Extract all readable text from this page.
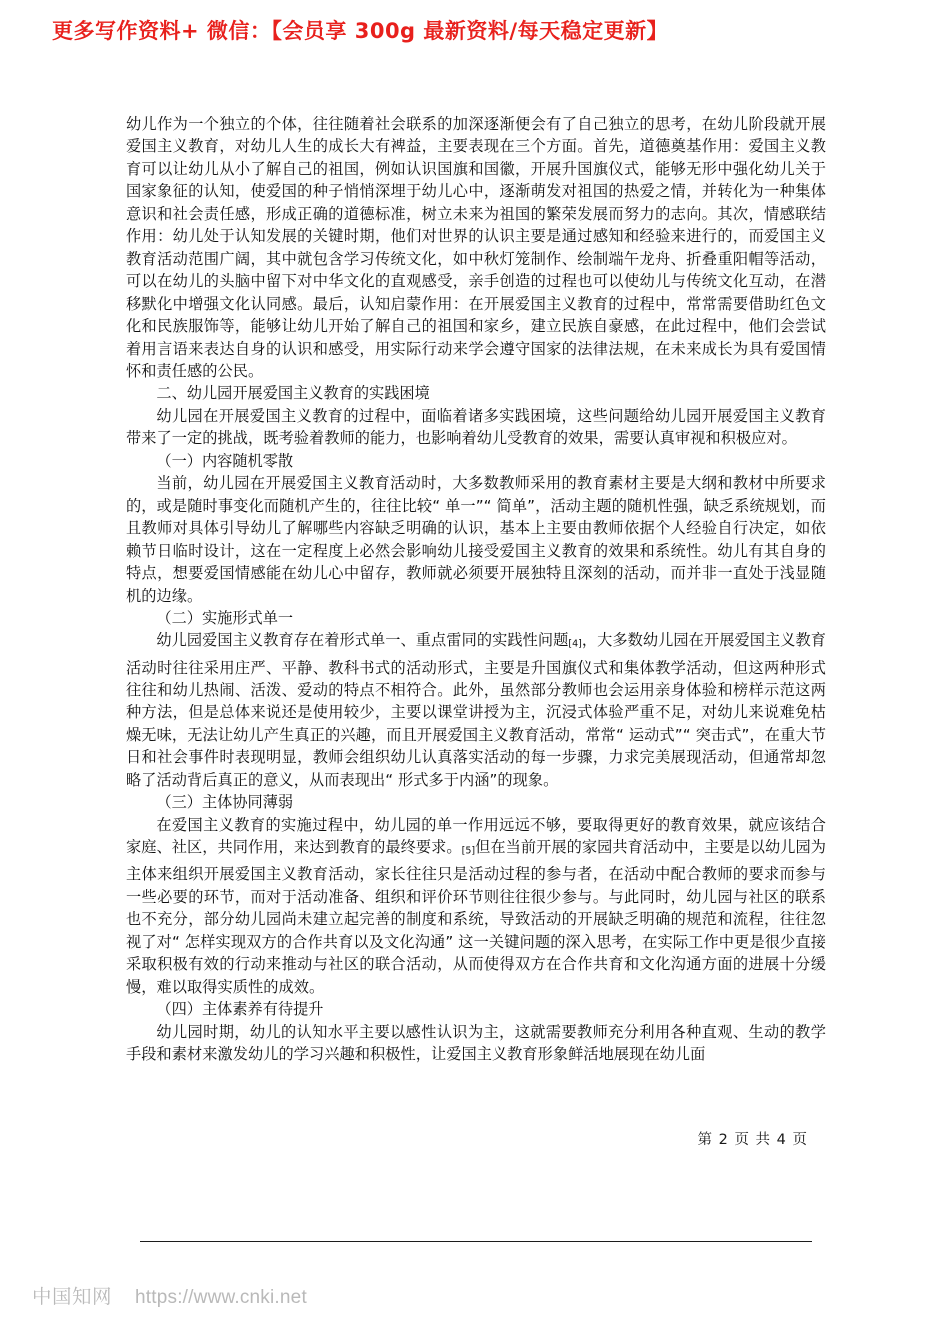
更多写作资料+ 微信：【会员享 300g 最新资料/每天稳定更新】

幼儿作为一个独立的个体，往往随着社会联系的加深逐渐便会有了自己独立的思考，在幼儿阶段就开展爱国主义教育，对幼儿人生的成长大有裨益，主要表现在三个方面。首先，道德奠基作用：爱国主义教育可以让幼儿从小了解自己的祖国，例如认识国旗和国徽，开展升国旗仪式，能够无形中强化幼儿关于国家象征的认知，使爱国的种子悄悄深埋于幼儿心中，逐渐萌发对祖国的热爱之情，并转化为一种集体意识和社会责任感，形成正确的道德标准，树立未来为祖国的繁荣发展而努力的志向。其次，情感联结作用：幼儿处于认知发展的关键时期，他们对世界的认识主要是通过感知和经验来进行的，而爱国主义教育活动范围广阔，其中就包含学习传统文化，如中秋灯笼制作、绘制端午龙舟、折叠重阳帽等活动，可以在幼儿的头脑中留下对中华文化的直观感受，亲手创造的过程也可以使幼儿与传统文化互动，在潜移默化中增强文化认同感。最后，认知启蒙作用：在开展爱国主义教育的过程中，常常需要借助红色文化和民族服饰等，能够让幼儿开始了解自己的祖国和家乡，建立民族自豪感，在此过程中，他们会尝试着用言语来表达自身的认识和感受，用实际行动来学会遵守国家的法律法规，在未来成长为具有爱国情怀和责任感的公民。

二、幼儿园开展爱国主义教育的实践困境

幼儿园在开展爱国主义教育的过程中，面临着诸多实践困境，这些问题给幼儿园开展爱国主义教育带来了一定的挑战，既考验着教师的能力，也影响着幼儿受教育的效果，需要认真审视和积极应对。

（一）内容随机零散

当前，幼儿园在开展爱国主义教育活动时，大多数教师采用的教育素材主要是大纲和教材中所要求的，或是随时事变化而随机产生的，往往比较“ 单一”“ 简单”，活动主题的随机性强，缺乏系统规划，而且教师对具体引导幼儿了解哪些内容缺乏明确的认识，基本上主要由教师依据个人经验自行决定，如依赖节日临时设计，这在一定程度上必然会影响幼儿接受爱国主义教育的效果和系统性。幼儿有其自身的特点，想要爱国情感能在幼儿心中留存，教师就必须要开展独特且深刻的活动，而并非一直处于浅显随机的边缘。

（二）实施形式单一

幼儿园爱国主义教育存在着形式单一、重点雷同的实践性问题[4]，大多数幼儿园在开展爱国主义教育活动时往往采用庄严、平静、教科书式的活动形式，主要是升国旗仪式和集体教学活动，但这两种形式往往和幼儿热闹、活泼、爱动的特点不相符合。此外，虽然部分教师也会运用亲身体验和榜样示范这两种方法，但是总体来说还是使用较少，主要以课堂讲授为主，沉浸式体验严重不足，对幼儿来说难免枯燥无味，无法让幼儿产生真正的兴趣，而且开展爱国主义教育活动，常常“ 运动式”“ 突击式”，在重大节日和社会事件时表现明显，教师会组织幼儿认真落实活动的每一步骤，力求完美展现活动，但通常却忽略了活动背后真正的意义，从而表现出“ 形式多于内涵”的现象。

（三）主体协同薄弱

在爱国主义教育的实施过程中，幼儿园的单一作用远远不够，要取得更好的教育效果，就应该结合家庭、社区，共同作用，来达到教育的最终要求。[5]但在当前开展的家园共育活动中，主要是以幼儿园为主体来组织开展爱国主义教育活动，家长往往只是活动过程的参与者，在活动中配合教师的要求而参与一些必要的环节，而对于活动准备、组织和评价环节则往往很少参与。与此同时，幼儿园与社区的联系也不充分，部分幼儿园尚未建立起完善的制度和系统，导致活动的开展缺乏明确的规范和流程，往往忽视了对“ 怎样实现双方的合作共育以及文化沟通” 这一关键问题的深入思考，在实际工作中更是很少直接采取积极有效的行动来推动与社区的联合活动，从而使得双方在合作共育和文化沟通方面的进展十分缓慢，难以取得实质性的成效。

（四）主体素养有待提升

幼儿园时期，幼儿的认知水平主要以感性认识为主，这就需要教师充分利用各种直观、生动的教学手段和素材来激发幼儿的学习兴趣和积极性，让爱国主义教育形象鲜活地展现在幼儿面

第 2 页 共 4 页
中国知网 https://www.cnki.net
